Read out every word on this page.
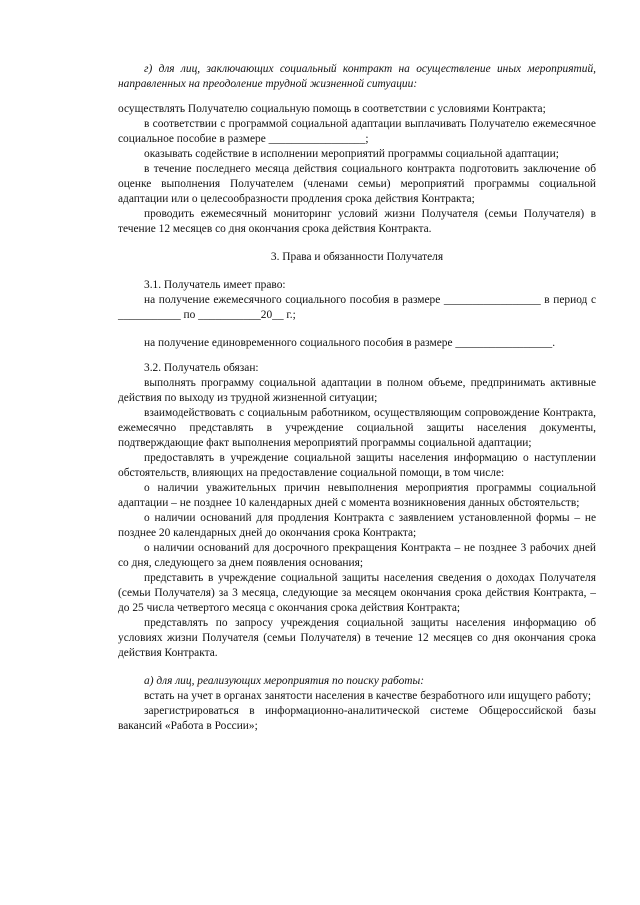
г) для лиц, заключающих социальный контракт на осуществление иных мероприятий, направленных на преодоление трудной жизненной ситуации:

осуществлять Получателю социальную помощь в соответствии с условиями Контракта;

в соответствии с программой социальной адаптации выплачивать Получателю ежемесячное социальное пособие в размере _________________;

оказывать содействие в исполнении мероприятий программы социальной адаптации;

в течение последнего месяца действия социального контракта подготовить заключение об оценке выполнения Получателем (членами семьи) мероприятий программы социальной адаптации или о целесообразности продления срока действия Контракта;

проводить ежемесячный мониторинг условий жизни Получателя (семьи Получателя) в течение 12 месяцев со дня окончания срока действия Контракта.

3. Права и обязанности Получателя

3.1. Получатель имеет право:

на получение ежемесячного социального пособия в размере _________________ в период с ___________ по ___________20__ г.;

на получение единовременного социального пособия в размере _________________.

3.2. Получатель обязан:

выполнять программу социальной адаптации в полном объеме, предпринимать активные действия по выходу из трудной жизненной ситуации;

взаимодействовать с социальным работником, осуществляющим сопровождение Контракта, ежемесячно представлять в учреждение социальной защиты населения документы, подтверждающие факт выполнения мероприятий программы социальной адаптации;

предоставлять в учреждение социальной защиты населения информацию о наступлении обстоятельств, влияющих на предоставление социальной помощи, в том числе:

о наличии уважительных причин невыполнения мероприятия программы социальной адаптации – не позднее 10 календарных дней с момента возникновения данных обстоятельств;

о наличии оснований для продления Контракта с заявлением установленной формы – не позднее 20 календарных дней до окончания срока Контракта;

о наличии оснований для досрочного прекращения Контракта – не позднее 3 рабочих дней со дня, следующего за днем появления основания;

представить в учреждение социальной защиты населения сведения о доходах Получателя (семьи Получателя) за 3 месяца, следующие за месяцем окончания срока действия Контракта, – до 25 числа четвертого месяца с окончания срока действия Контракта;

представлять по запросу учреждения социальной защиты населения информацию об условиях жизни Получателя (семьи Получателя) в течение 12 месяцев со дня окончания срока действия Контракта.

а) для лиц, реализующих мероприятия по поиску работы:

встать на учет в органах занятости населения в качестве безработного или ищущего работу;

зарегистрироваться в информационно-аналитической системе Общероссийской базы вакансий «Работа в России»;
